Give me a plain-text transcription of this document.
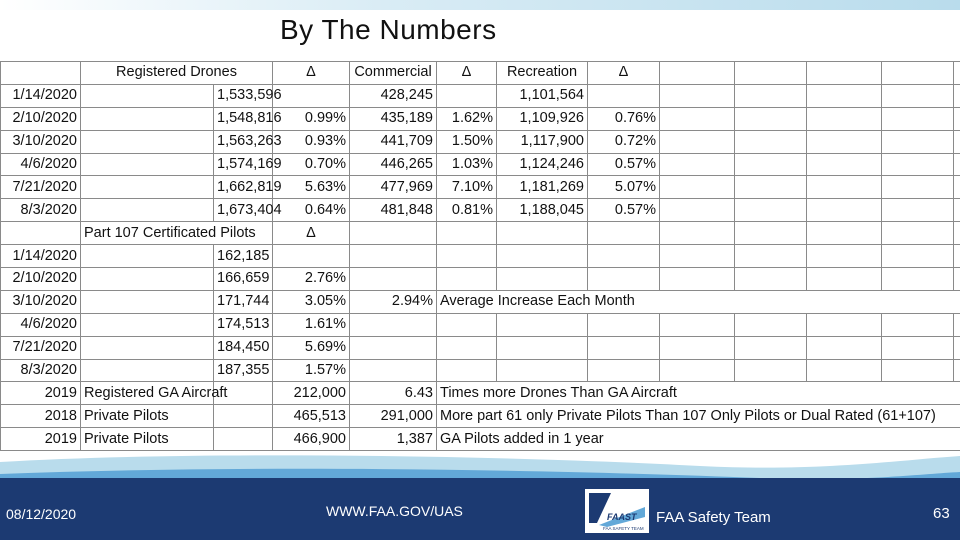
By The Numbers
	Registered Drones		Δ	Commercial	Δ	Recreation	Δ								
1/14/2020		1,533,596		428,245		1,101,564									
2/10/2020		1,548,816	0.99%	435,189	1.62%	1,109,926	0.76%								
3/10/2020		1,563,263	0.93%	441,709	1.50%	1,117,900	0.72%								
4/6/2020		1,574,169	0.70%	446,265	1.03%	1,124,246	0.57%								
7/21/2020		1,662,819	5.63%	477,969	7.10%	1,181,269	5.07%								
8/3/2020		1,673,404	0.64%	481,848	0.81%	1,188,045	0.57%								
	Part 107 Certificated Pilots		Δ												
1/14/2020		162,185													
2/10/2020		166,659	2.76%												
3/10/2020		171,744	3.05%	2.94%	Average Increase Each Month										
4/6/2020		174,513	1.61%												
7/21/2020		184,450	5.69%												
8/3/2020		187,355	1.57%												
2019	Registered GA Aircraft		212,000	6.43	Times more Drones Than GA Aircraft										
2018	Private Pilots		465,513	291,000	More part 61 only Private Pilots Than 107 Only Pilots or Dual Rated (61+107)										
2019	Private Pilots		466,900	1,387	GA Pilots added in 1 year										
08/12/2020	WWW.FAA.GOV/UAS	FAAST
FAA SAFETY TEAM
FAA Safety Team	63
